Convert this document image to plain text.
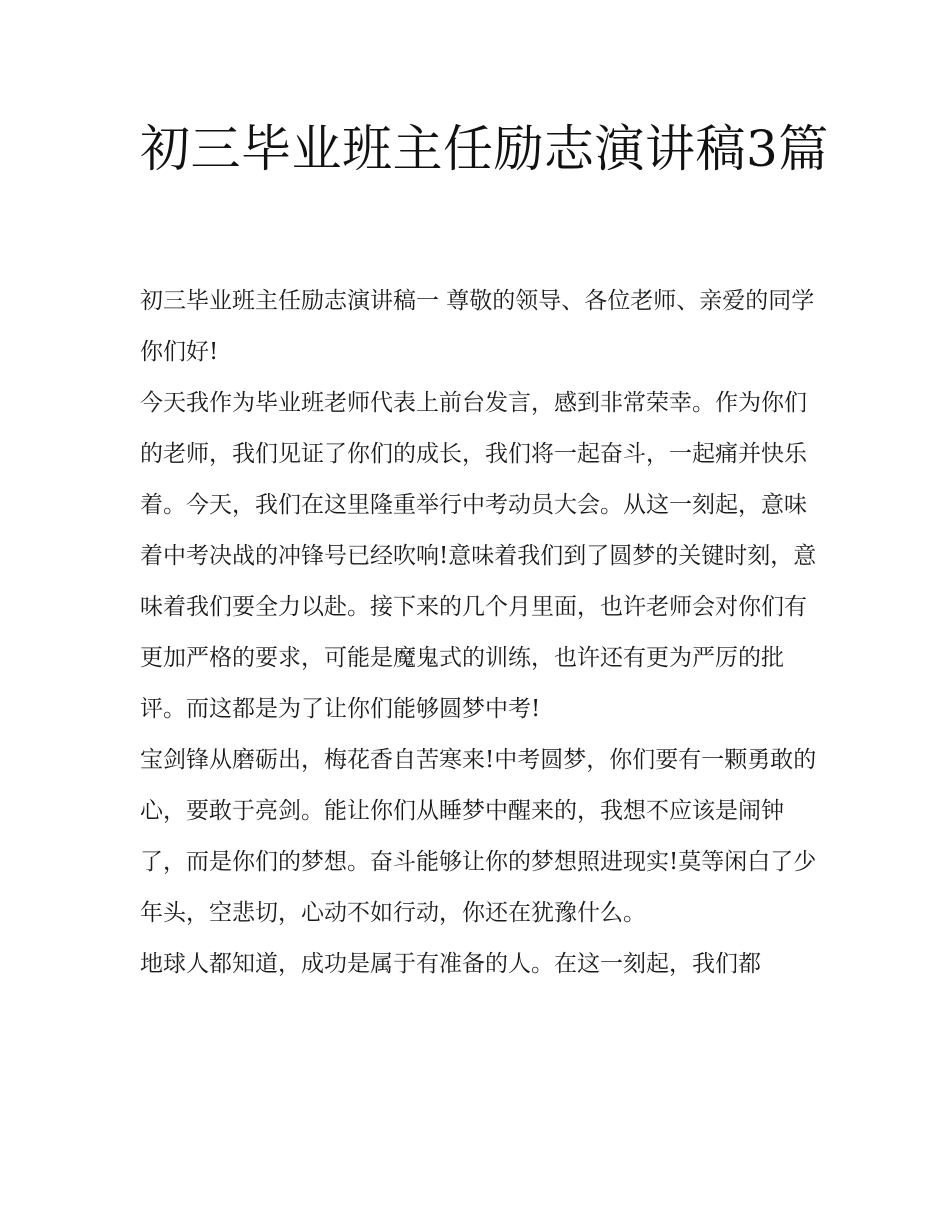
初三毕业班主任励志演讲稿3篇

初三毕业班主任励志演讲稿一 尊敬的领导、各位老师、亲爱的同学 你们好!

今天我作为毕业班老师代表上前台发言，感到非常荣幸。作为你们的老师，我们见证了你们的成长，我们将一起奋斗，一起痛并快乐着。今天，我们在这里隆重举行中考动员大会。从这一刻起，意味着中考决战的冲锋号已经吹响!意味着我们到了圆梦的关键时刻，意味着我们要全力以赴。接下来的几个月里面，也许老师会对你们有更加严格的要求，可能是魔鬼式的训练，也许还有更为严厉的批评。而这都是为了让你们能够圆梦中考!

宝剑锋从磨砺出，梅花香自苦寒来!中考圆梦，你们要有一颗勇敢的心，要敢于亮剑。能让你们从睡梦中醒来的，我想不应该是闹钟了，而是你们的梦想。奋斗能够让你的梦想照进现实!莫等闲白了少年头，空悲切，心动不如行动，你还在犹豫什么。

地球人都知道，成功是属于有准备的人。在这一刻起，我们都
